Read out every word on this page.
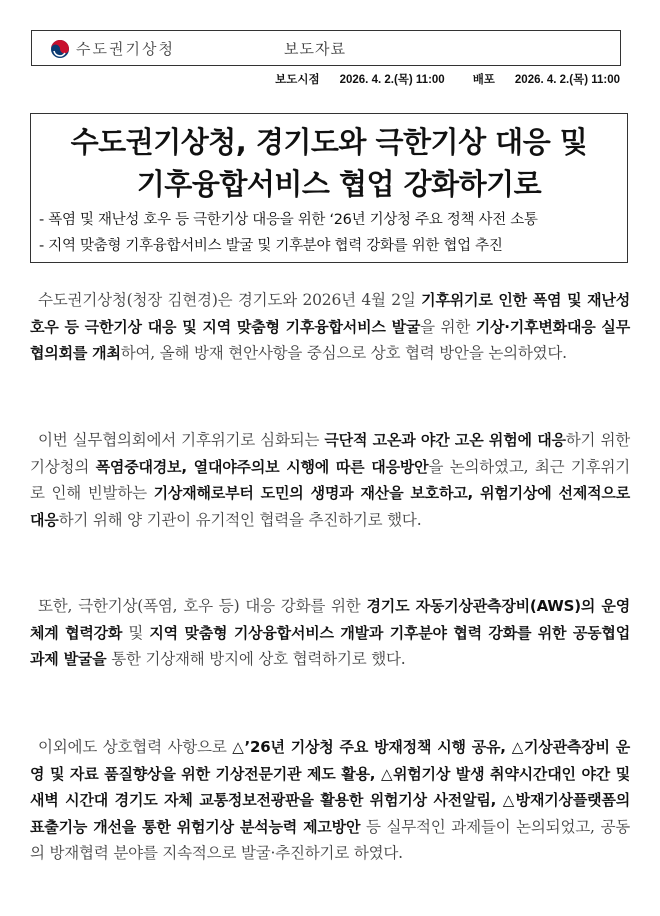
수도권기상청	보도자료
보도시점 2026. 4. 2.(목) 11:00 배포 2026. 4. 2.(목) 11:00
수도권기상청, 경기도와 극한기상 대응 및
기후융합서비스 협업 강화하기로
- 폭염 및 재난성 호우 등 극한기상 대응을 위한 ‘26년 기상청 주요 정책 사전 소통
- 지역 맞춤형 기후융합서비스 발굴 및 기후분야 협력 강화를 위한 협업 추진
수도권기상청(청장 김현경)은 경기도와 2026년 4월 2일 기후위기로 인한 폭염 및 재난성호우 등 극한기상 대응 및 지역 맞춤형 기후융합서비스 발굴을 위한 기상·기후변화대응 실무협의회를 개최하여, 올해 방재 현안사항을 중심으로 상호 협력 방안을 논의하였다.
이번 실무협의회에서 기후위기로 심화되는 극단적 고온과 야간 고온 위험에 대응하기 위한 기상청의 폭염중대경보, 열대야주의보 시행에 따른 대응방안을 논의하였고, 최근 기후위기로 인해 빈발하는 기상재해로부터 도민의 생명과 재산을 보호하고, 위험기상에 선제적으로 대응하기 위해 양 기관이 유기적인 협력을 추진하기로 했다.
또한, 극한기상(폭염, 호우 등) 대응 강화를 위한 경기도 자동기상관측장비(AWS)의 운영 체계 협력강화 및 지역 맞춤형 기상융합서비스 개발과 기후분야 협력 강화를 위한 공동협업 과제 발굴을 통한 기상재해 방지에 상호 협력하기로 했다.
이외에도 상호협력 사항으로 △’26년 기상청 주요 방재정책 시행 공유, △기상관측장비 운영 및 자료 품질향상을 위한 기상전문기관 제도 활용, △위험기상 발생 취약시간대인 야간 및 새벽 시간대 경기도 자체 교통정보전광판을 활용한 위험기상 사전알림, △방재기상플랫폼의 표출기능 개선을 통한 위험기상 분석능력 제고방안 등 실무적인 과제들이 논의되었고, 공동의 방재협력 분야를 지속적으로 발굴·추진하기로 하였다.
